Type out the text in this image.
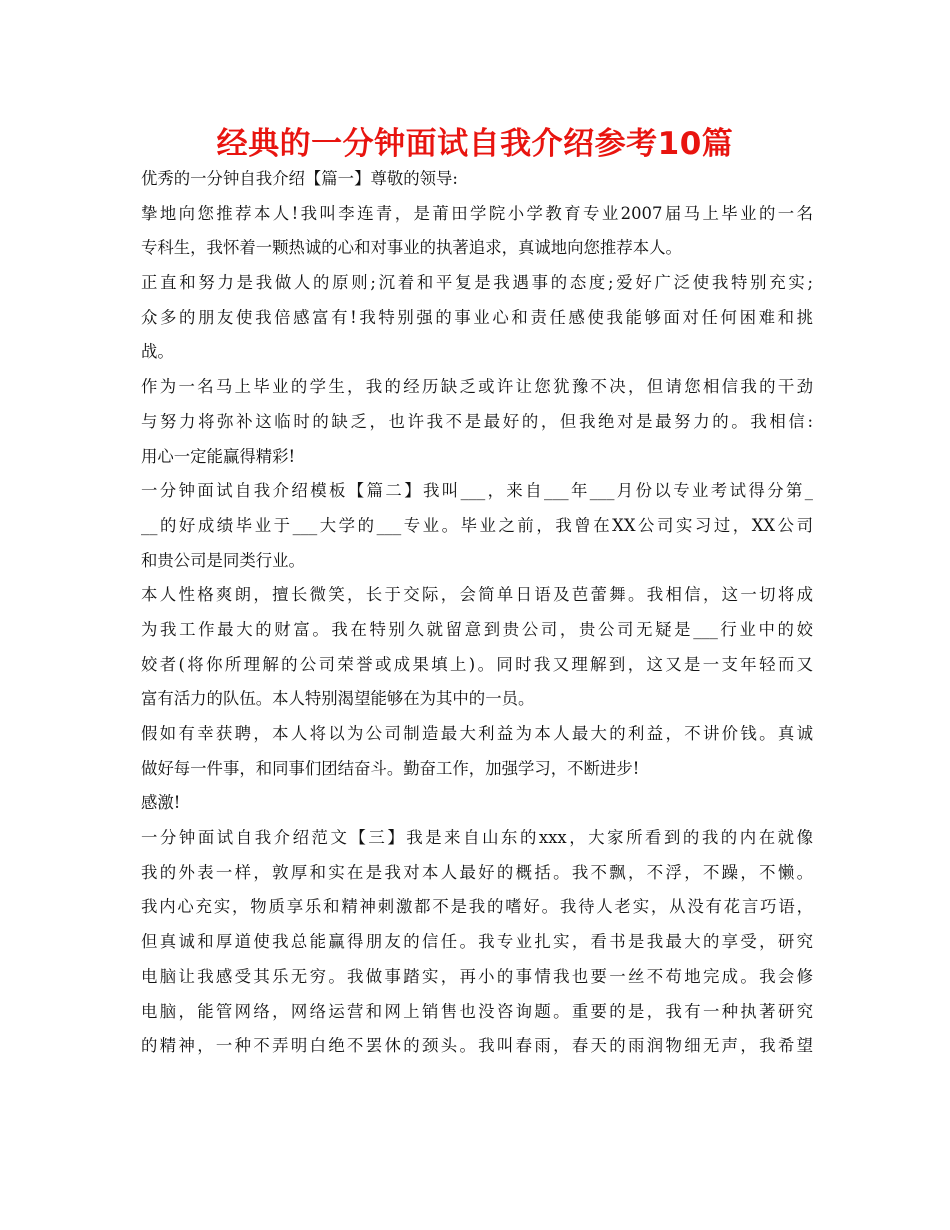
经典的一分钟面试自我介绍参考10篇
优秀的一分钟自我介绍【篇一】尊敬的领导:
挚地向您推荐本人!我叫李连青，是莆田学院小学教育专业2007届马上毕业的一名
专科生，我怀着一颗热诚的心和对事业的执著追求，真诚地向您推荐本人。
正直和努力是我做人的原则;沉着和平复是我遇事的态度;爱好广泛使我特别充实;
众多的朋友使我倍感富有!我特别强的事业心和责任感使我能够面对任何困难和挑
战。
作为一名马上毕业的学生，我的经历缺乏或许让您犹豫不决，但请您相信我的干劲
与努力将弥补这临时的缺乏，也许我不是最好的，但我绝对是最努力的。我相信:
用心一定能赢得精彩!
一分钟面试自我介绍模板【篇二】我叫___，来自___年___月份以专业考试得分第_
__的好成绩毕业于___大学的___专业。毕业之前，我曾在XX公司实习过，XX公司
和贵公司是同类行业。
本人性格爽朗，擅长微笑，长于交际，会简单日语及芭蕾舞。我相信，这一切将成
为我工作最大的财富。我在特别久就留意到贵公司，贵公司无疑是___行业中的姣
姣者(将你所理解的公司荣誉或成果填上)。同时我又理解到，这又是一支年轻而又
富有活力的队伍。本人特别渴望能够在为其中的一员。
假如有幸获聘，本人将以为公司制造最大利益为本人最大的利益，不讲价钱。真诚
做好每一件事，和同事们团结奋斗。勤奋工作，加强学习，不断进步!
感激!
一分钟面试自我介绍范文【三】我是来自山东的xxx，大家所看到的我的内在就像
我的外表一样，敦厚和实在是我对本人最好的概括。我不飘，不浮，不躁，不懒。
我内心充实，物质享乐和精神刺激都不是我的嗜好。我待人老实，从没有花言巧语，
但真诚和厚道使我总能赢得朋友的信任。我专业扎实，看书是我最大的享受，研究
电脑让我感受其乐无穷。我做事踏实，再小的事情我也要一丝不苟地完成。我会修
电脑，能管网络，网络运营和网上销售也没咨询题。重要的是，我有一种执著研究
的精神，一种不弄明白绝不罢休的颈头。我叫春雨，春天的雨润物细无声，我希望
